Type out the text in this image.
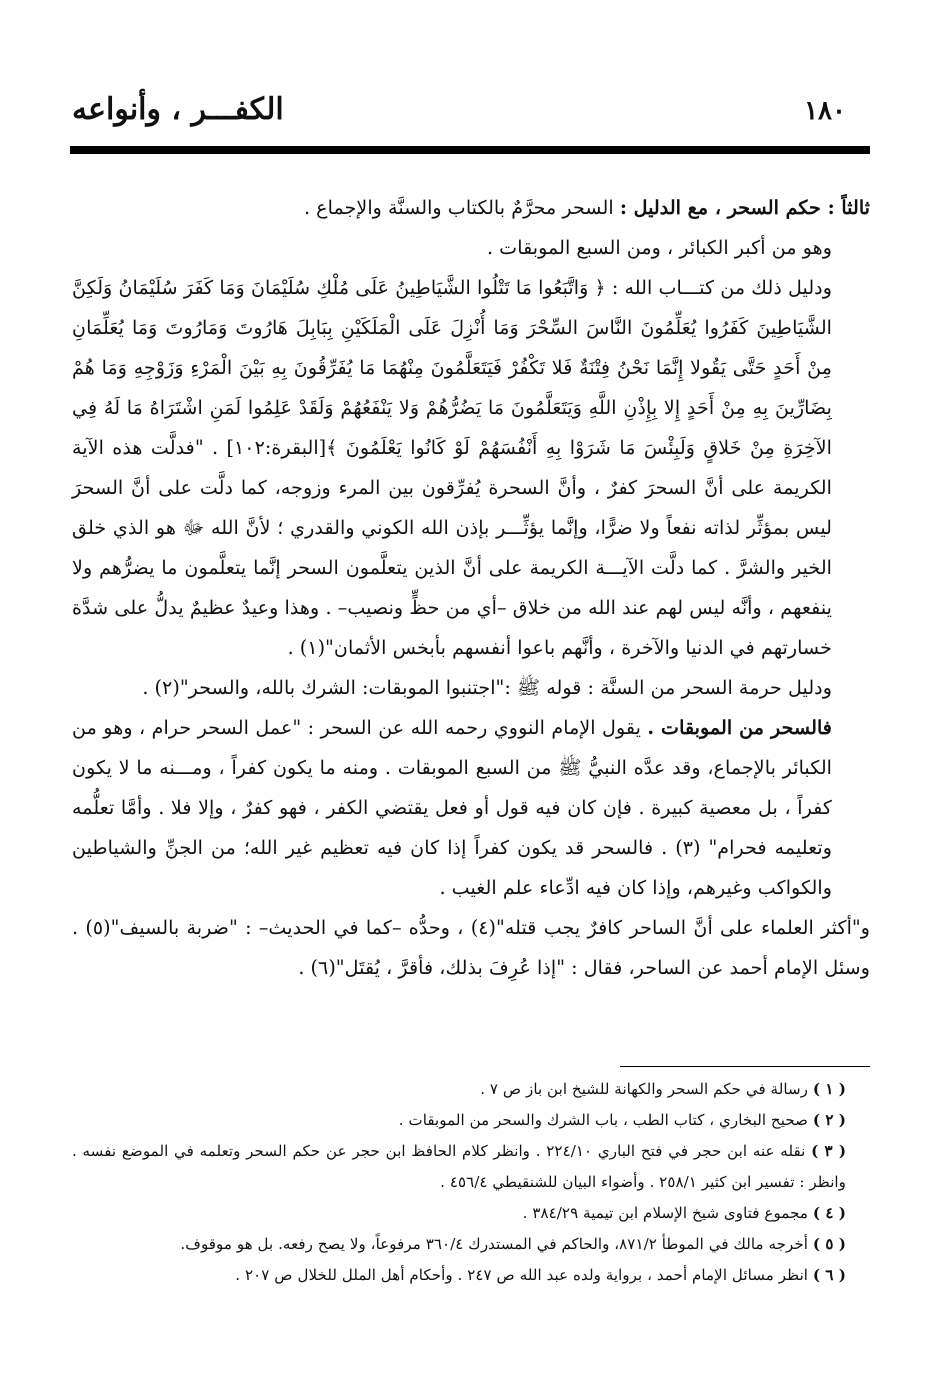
١٨٠
الكفـــر ، وأنواعه

ثالثاً : حكم السحر ، مع الدليل : السحر محرَّمٌ بالكتاب والسنَّة والإجماع .

وهو من أكبر الكبائر ، ومن السبع الموبقات .

ودليل ذلك من كتـــاب الله : ﴿ وَاتَّبَعُوا مَا تَتْلُوا الشَّيَاطِينُ عَلَى مُلْكِ سُلَيْمَانَ وَمَا كَفَرَ سُلَيْمَانُ وَلَكِنَّ الشَّيَاطِينَ كَفَرُوا يُعَلِّمُونَ النَّاسَ السِّحْرَ وَمَا أُنْزِلَ عَلَى الْمَلَكَيْنِ بِبَابِلَ هَارُوتَ وَمَارُوتَ وَمَا يُعَلِّمَانِ مِنْ أَحَدٍ حَتَّى يَقُولا إِنَّمَا نَحْنُ فِتْنَةٌ فَلا تَكْفُرْ فَيَتَعَلَّمُونَ مِنْهُمَا مَا يُفَرِّقُونَ بِهِ بَيْنَ الْمَرْءِ وَزَوْجِهِ وَمَا هُمْ بِضَارِّينَ بِهِ مِنْ أَحَدٍ إِلا بِإِذْنِ اللَّهِ وَيَتَعَلَّمُونَ مَا يَضُرُّهُمْ وَلا يَنْفَعُهُمْ وَلَقَدْ عَلِمُوا لَمَنِ اشْتَرَاهُ مَا لَهُ فِي الآخِرَةِ مِنْ خَلاقٍ وَلَبِئْسَ مَا شَرَوْا بِهِ أَنْفُسَهُمْ لَوْ كَانُوا يَعْلَمُونَ ﴾[البقرة:١٠٢] . "فدلَّت هذه الآية الكريمة على أنَّ السحرَ كفرٌ ، وأنَّ السحرة يُفرِّقون بين المرء وزوجه، كما دلَّت على أنَّ السحرَ ليس بمؤثِّر لذاته نفعاً ولا ضرًّا، وإنَّما يؤثِّـــر بإذن الله الكوني والقدري ؛ لأنَّ الله ﷻ هو الذي خلق الخير والشرَّ . كما دلَّت الآيـــة الكريمة على أنَّ الذين يتعلَّمون السحر إنَّما يتعلَّمون ما يضرُّهم ولا ينفعهم ، وأنَّه ليس لهم عند الله من خلاق –أي من حظٍّ ونصيب– . وهذا وعيدٌ عظيمٌ يدلُّ على شدَّة خسارتهم في الدنيا والآخرة ، وأنَّهم باعوا أنفسهم بأبخس الأثمان"(١) .

ودليل حرمة السحر من السنَّة : قوله ﷺ :"اجتنبوا الموبقات: الشرك بالله، والسحر"(٢) .

فالسحر من الموبقات . يقول الإمام النووي رحمه الله عن السحر : "عمل السحر حرام ، وهو من الكبائر بالإجماع، وقد عدَّه النبيُّ ﷺ من السبع الموبقات . ومنه ما يكون كفراً ، ومـــنه ما لا يكون كفراً ، بل معصية كبيرة . فإن كان فيه قول أو فعل يقتضي الكفر ، فهو كفرٌ ، وإلا فلا . وأمَّا تعلُّمه وتعليمه فحرام" (٣) . فالسحر قد يكون كفراً إذا كان فيه تعظيم غير الله؛ من الجنِّ والشياطين والكواكب وغيرهم، وإذا كان فيه ادِّعاء علم الغيب .

و"أكثر العلماء على أنَّ الساحر كافرٌ يجب قتله"(٤) ، وحدُّه –كما في الحديث– : "ضربة بالسيف"(٥) . وسئل الإمام أحمد عن الساحر، فقال : "إذا عُرِفَ بذلك، فأقرَّ ، يُقتَل"(٦) .

( ١ ) رسالة في حكم السحر والكهانة للشيخ ابن باز ص ٧ .

( ٢ ) صحيح البخاري ، كتاب الطب ، باب الشرك والسحر من الموبقات .

( ٣ ) نقله عنه ابن حجر في فتح الباري ٢٢٤/١٠ . وانظر كلام الحافظ ابن حجر عن حكم السحر وتعلمه في الموضع نفسه . وانظر : تفسير ابن كثير ٢٥٨/١ . وأضواء البيان للشنقيطي ٤٥٦/٤ .

( ٤ ) مجموع فتاوى شيخ الإسلام ابن تيمية ٣٨٤/٢٩ .

( ٥ ) أخرجه مالك في الموطأ ٨٧١/٢، والحاكم في المستدرك ٣٦٠/٤ مرفوعاً، ولا يصح رفعه. بل هو موقوف.

( ٦ ) انظر مسائل الإمام أحمد ، برواية ولده عبد الله ص ٢٤٧ . وأحكام أهل الملل للخلال ص ٢٠٧ .
